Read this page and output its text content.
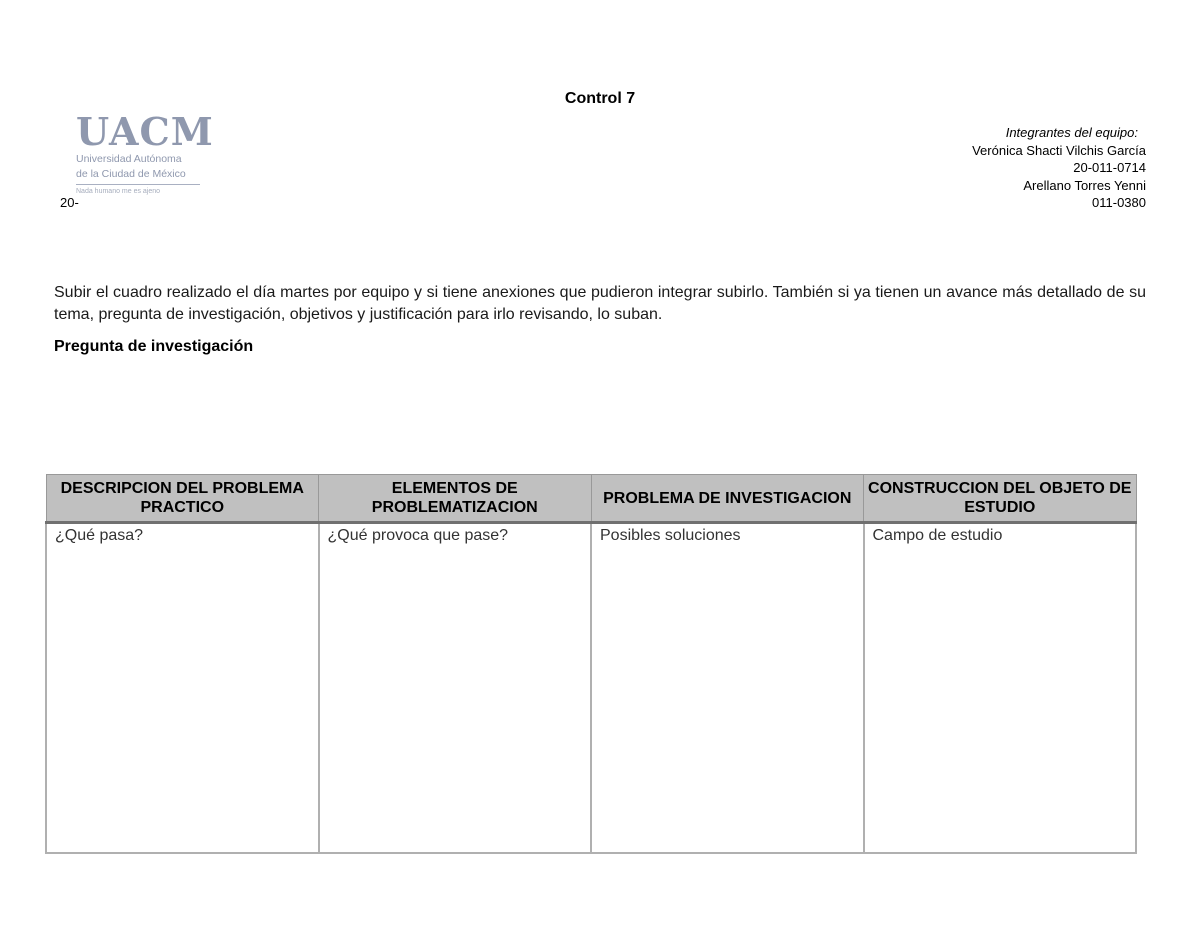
Control 7
UACM
Universidad Autónoma
de la Ciudad de México
Nada humano me es ajeno
20-
Integrantes del equipo:
Verónica Shacti Vilchis García
20-011-0714
Arellano Torres Yenni
011-0380
Subir el cuadro realizado el día martes por equipo y si tiene anexiones que pudieron integrar subirlo. También si ya tienen un avance más detallado de su tema, pregunta de investigación, objetivos y justificación para irlo revisando, lo suban.
Pregunta de investigación
DESCRIPCION DEL PROBLEMA PRACTICO	ELEMENTOS DE PROBLEMATIZACION	PROBLEMA DE INVESTIGACION	CONSTRUCCION DEL OBJETO DE ESTUDIO
¿Qué pasa?	¿Qué provoca que pase?	Posibles soluciones	Campo de estudio
